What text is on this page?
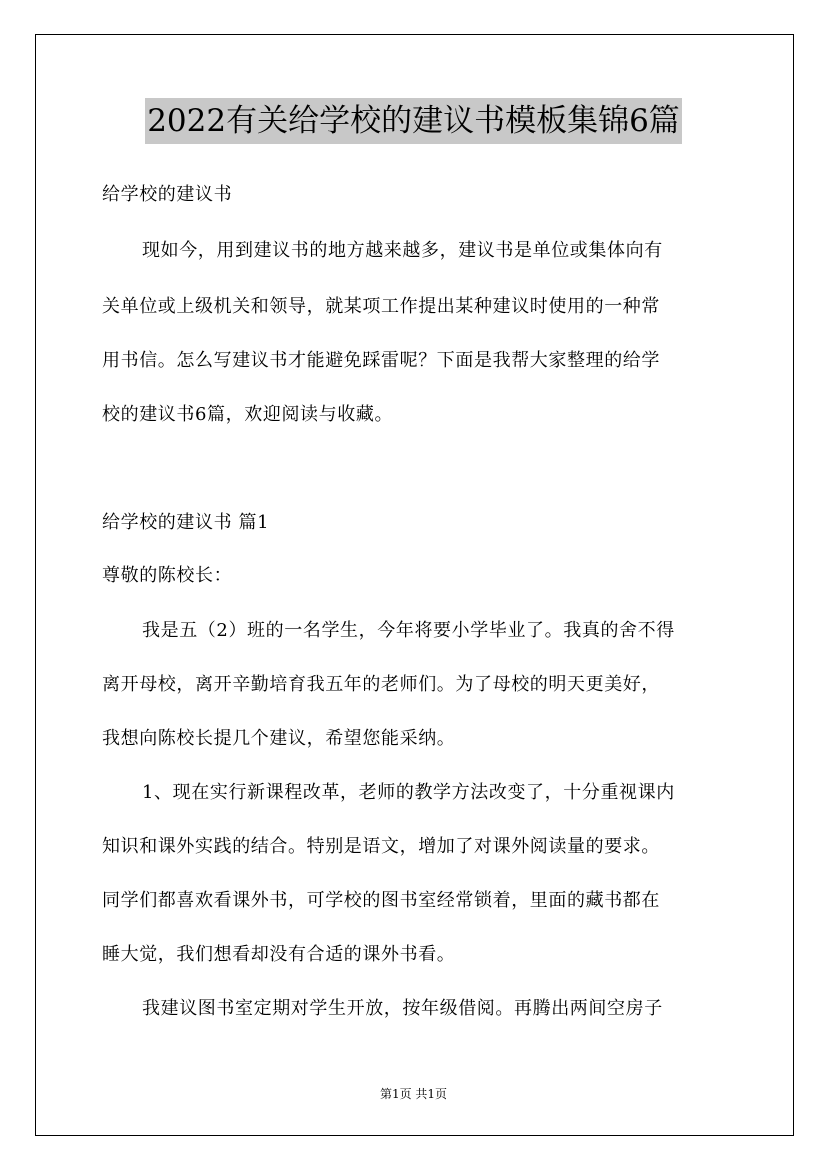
2022有关给学校的建议书模板集锦6篇
给学校的建议书
现如今，用到建议书的地方越来越多，建议书是单位或集体向有
关单位或上级机关和领导，就某项工作提出某种建议时使用的一种常
用书信。怎么写建议书才能避免踩雷呢？下面是我帮大家整理的给学
校的建议书6篇，欢迎阅读与收藏。
给学校的建议书 篇1
尊敬的陈校长：
我是五（2）班的一名学生，今年将要小学毕业了。我真的舍不得
离开母校，离开辛勤培育我五年的老师们。为了母校的明天更美好，
我想向陈校长提几个建议，希望您能采纳。
1、现在实行新课程改革，老师的教学方法改变了，十分重视课内
知识和课外实践的结合。特别是语文，增加了对课外阅读量的要求。
同学们都喜欢看课外书，可学校的图书室经常锁着，里面的藏书都在
睡大觉，我们想看却没有合适的课外书看。
我建议图书室定期对学生开放，按年级借阅。再腾出两间空房子
第1页 共1页
